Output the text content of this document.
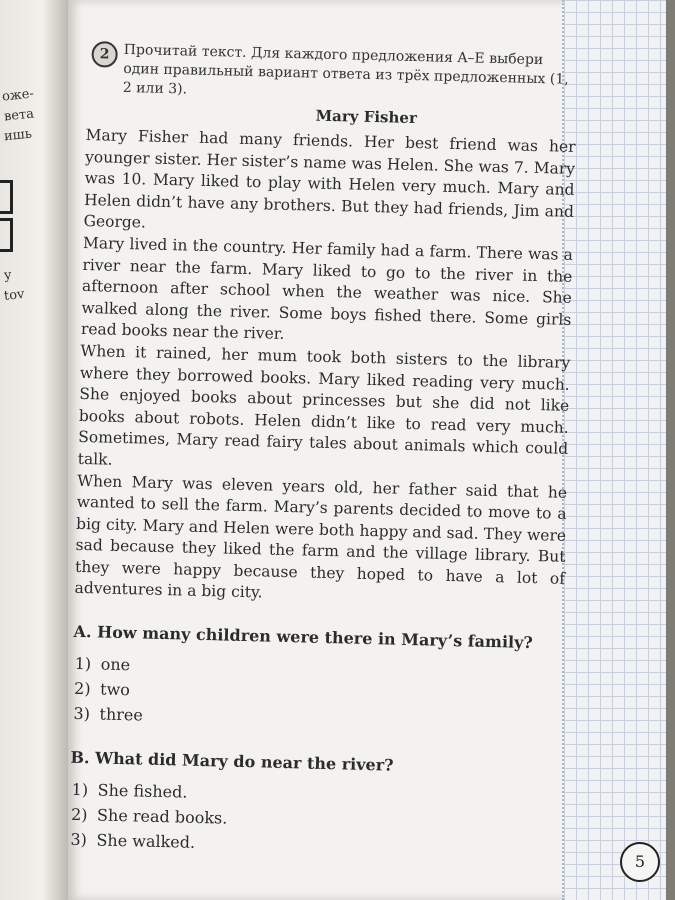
оже-
вета
ишь
у
tov
2 Прочитай текст. Для каждого предложения A–E выбери один правильный вариант ответа из трёх предложенных (1, 2 или 3).
Mary Fisher

Mary Fisher had many friends. Her best friend was her younger sister. Her sister’s name was Helen. She was 7. Mary was 10. Mary liked to play with Helen very much. Mary and Helen didn’t have any brothers. But they had friends, Jim and George.

Mary lived in the country. Her family had a farm. There was a river near the farm. Mary liked to go to the river in the afternoon after school when the weather was nice. She walked along the river. Some boys fished there. Some girls read books near the river.

When it rained, her mum took both sisters to the library where they borrowed books. Mary liked reading very much. She enjoyed books about princesses but she did not like books about robots. Helen didn’t like to read very much. Sometimes, Mary read fairy tales about animals which could talk.

When Mary was eleven years old, her father said that he wanted to sell the farm. Mary’s parents decided to move to a big city. Mary and Helen were both happy and sad. They were sad because they liked the farm and the village library. But they were happy because they hoped to have a lot of adventures in a big city.

A. How many children were there in Mary’s family?
1) one
2) two
3) three
B. What did Mary do near the river?
1) She fished.
2) She read books.
3) She walked.
5
